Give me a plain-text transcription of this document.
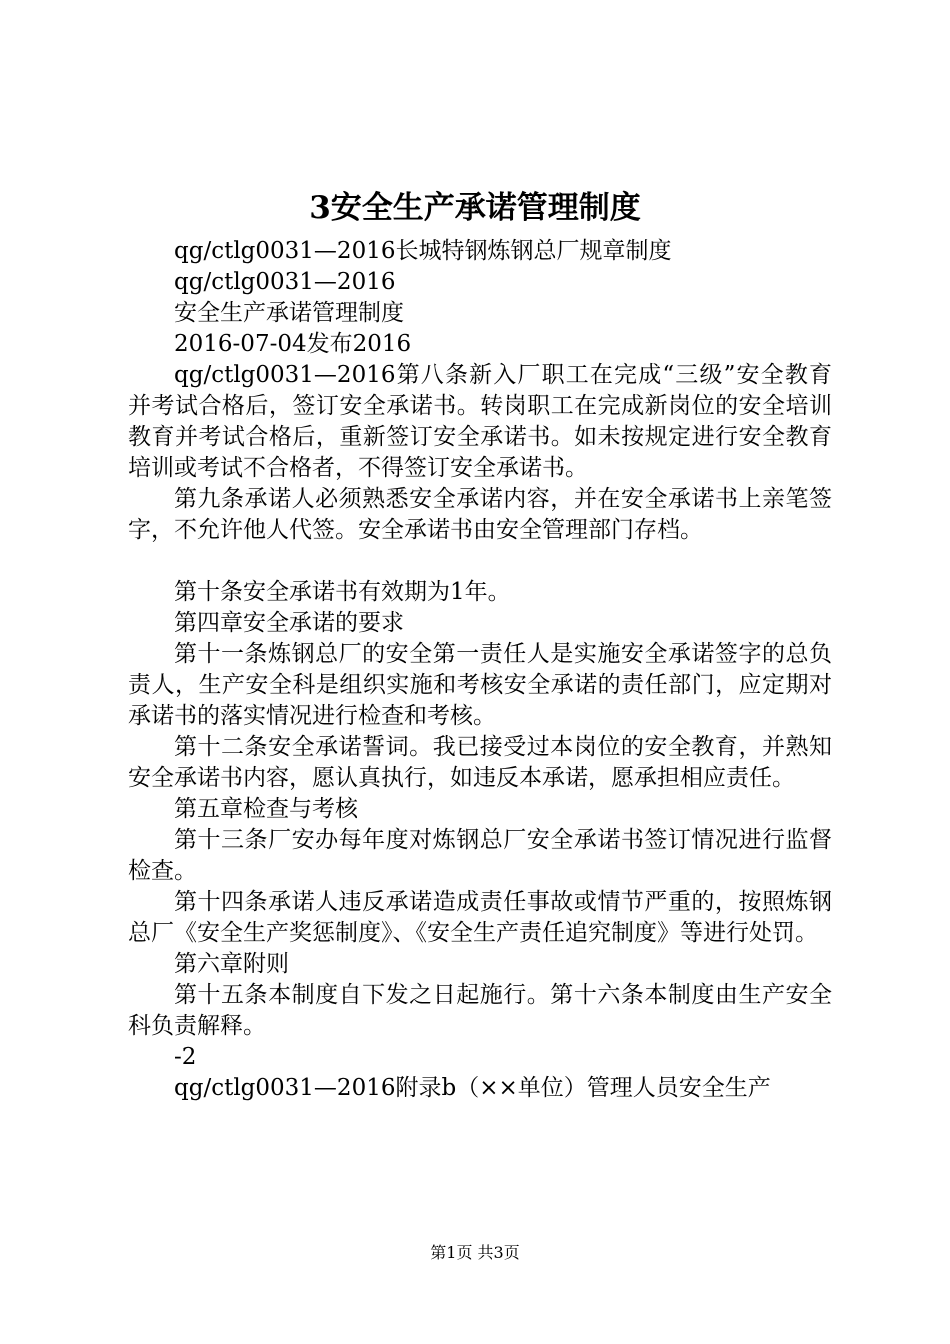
3安全生产承诺管理制度

qg/ctlg0031—2016长城特钢炼钢总厂规章制度

qg/ctlg0031—2016

安全生产承诺管理制度

2016-07-04发布2016

qg/ctlg0031—2016第八条新入厂职工在完成“三级”安全教育并考试合格后，签订安全承诺书。转岗职工在完成新岗位的安全培训教育并考试合格后，重新签订安全承诺书。如未按规定进行安全教育培训或考试不合格者，不得签订安全承诺书。

第九条承诺人必须熟悉安全承诺内容，并在安全承诺书上亲笔签字，不允许他人代签。安全承诺书由安全管理部门存档。

第十条安全承诺书有效期为1年。

第四章安全承诺的要求

第十一条炼钢总厂的安全第一责任人是实施安全承诺签字的总负责人，生产安全科是组织实施和考核安全承诺的责任部门，应定期对承诺书的落实情况进行检查和考核。

第十二条安全承诺誓词。我已接受过本岗位的安全教育，并熟知安全承诺书内容，愿认真执行，如违反本承诺，愿承担相应责任。

第五章检查与考核

第十三条厂安办每年度对炼钢总厂安全承诺书签订情况进行监督检查。

第十四条承诺人违反承诺造成责任事故或情节严重的，按照炼钢总厂《安全生产奖惩制度》、《安全生产责任追究制度》等进行处罚。

第六章附则

第十五条本制度自下发之日起施行。第十六条本制度由生产安全科负责解释。

-2

qg/ctlg0031—2016附录b（××单位）管理人员安全生产

第1页 共3页
